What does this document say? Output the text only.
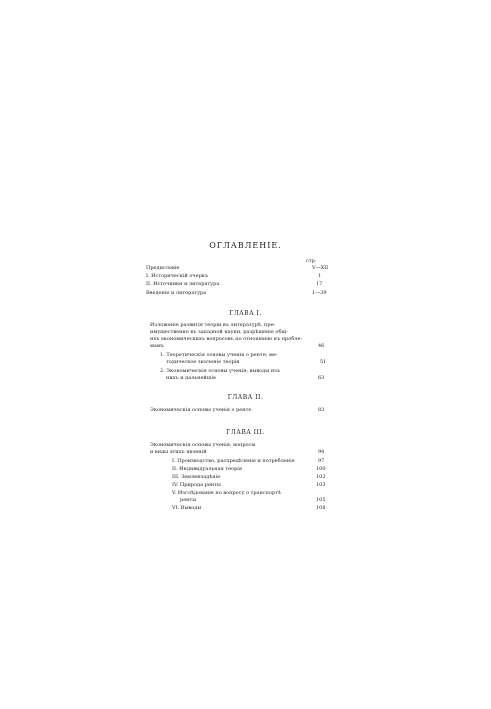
ОГЛАВЛЕНІЕ.
стр.
Предисловіе	V—XII
I. Историческій очеркъ	1
II. Источники и литература	17
Введеніе и литература	1—39
ГЛАВА I.
Изложеніе развитія теоріи въ литературѣ, пре-
имущественно въ западной науки, разрѣшеніе общ-
ихъ экономическихъ вопросовъ по отношенію къ пробле-
мамъ	46
1. Теоретическія основы ученія о ренте; ме-
тодическое значеніе теоріи	51
2. Экономическія основы ученія; выводы изъ
нихъ и дальнейшіе	63
ГЛАВА II.
Экономическія основы ученія о ренте	83
ГЛАВА III.
Экономическія основы ученія; вопросы
и виды этихъ явленій	94
I. Производство, распредѣленіе и потребленіе	97
II. Индивидуальная теорія	100
III. Землевладѣніе	102
IV. Природа ренты	103
V. Изслѣдованіе по вопросу о транспортѣ
ренты	105
VI. Выводы	108
